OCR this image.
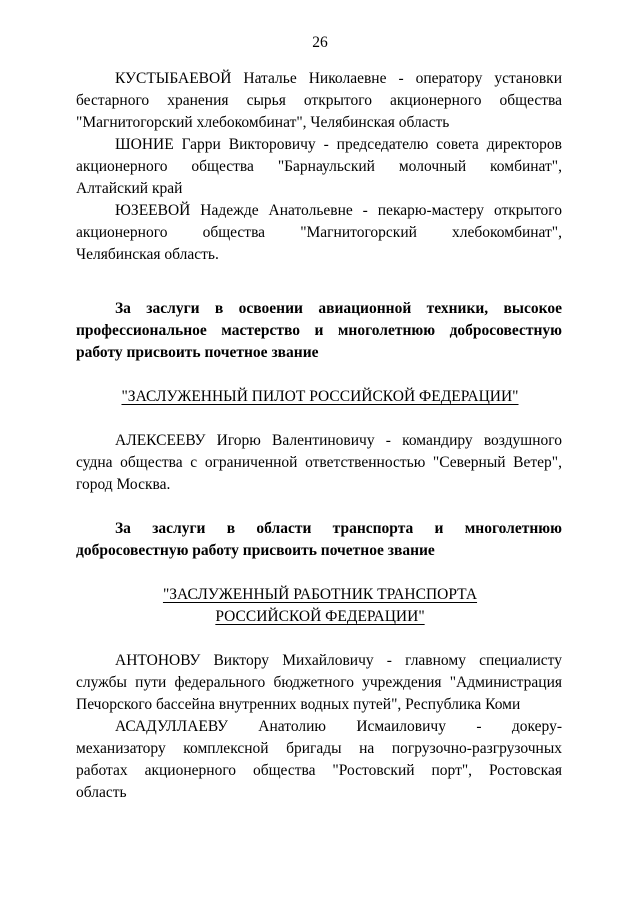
26
КУСТЫБАЕВОЙ Наталье Николаевне - оператору установки
бестарного хранения сырья открытого акционерного общества
"Магнитогорский хлебокомбинат", Челябинская область
ШОНИЕ Гарри Викторовичу - председателю совета директоров
акционерного общества "Барнаульский молочный комбинат",
Алтайский край
ЮЗЕЕВОЙ Надежде Анатольевне - пекарю-мастеру открытого
акционерного общества "Магнитогорский хлебокомбинат",
Челябинская область.
За заслуги в освоении авиационной техники, высокое
профессиональное мастерство и многолетнюю добросовестную
работу присвоить почетное звание
"ЗАСЛУЖЕННЫЙ ПИЛОТ РОССИЙСКОЙ ФЕДЕРАЦИИ"
АЛЕКСЕЕВУ Игорю Валентиновичу - командиру воздушного
судна общества с ограниченной ответственностью "Северный Ветер",
город Москва.
За заслуги в области транспорта и многолетнюю
добросовестную работу присвоить почетное звание
"ЗАСЛУЖЕННЫЙ РАБОТНИК ТРАНСПОРТА
РОССИЙСКОЙ ФЕДЕРАЦИИ"
АНТОНОВУ Виктору Михайловичу - главному специалисту
службы пути федерального бюджетного учреждения "Администрация
Печорского бассейна внутренних водных путей", Республика Коми
АСАДУЛЛАЕВУ Анатолию Исмаиловичу - докеру-
механизатору комплексной бригады на погрузочно-разгрузочных
работах акционерного общества "Ростовский порт", Ростовская
область
